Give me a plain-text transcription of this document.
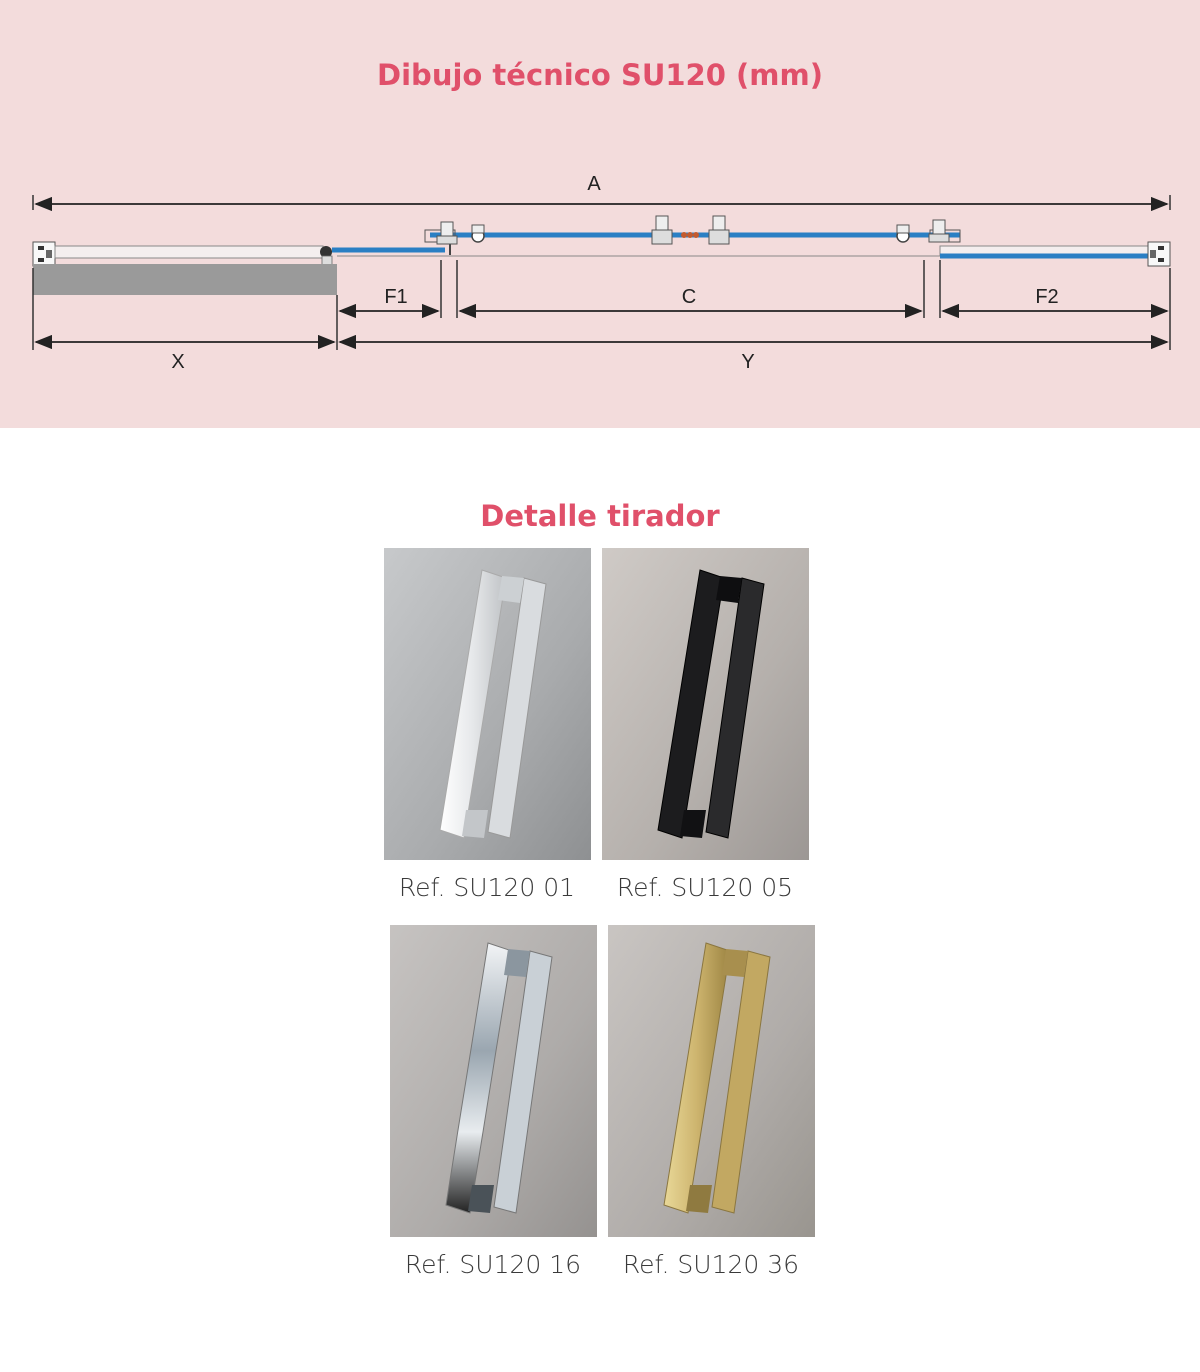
Dibujo técnico SU120 (mm)
A
F1	C	F2
X	Y
Detalle tirador
Ref. SU120 01	Ref. SU120 05
Ref. SU120 16	Ref. SU120 36
